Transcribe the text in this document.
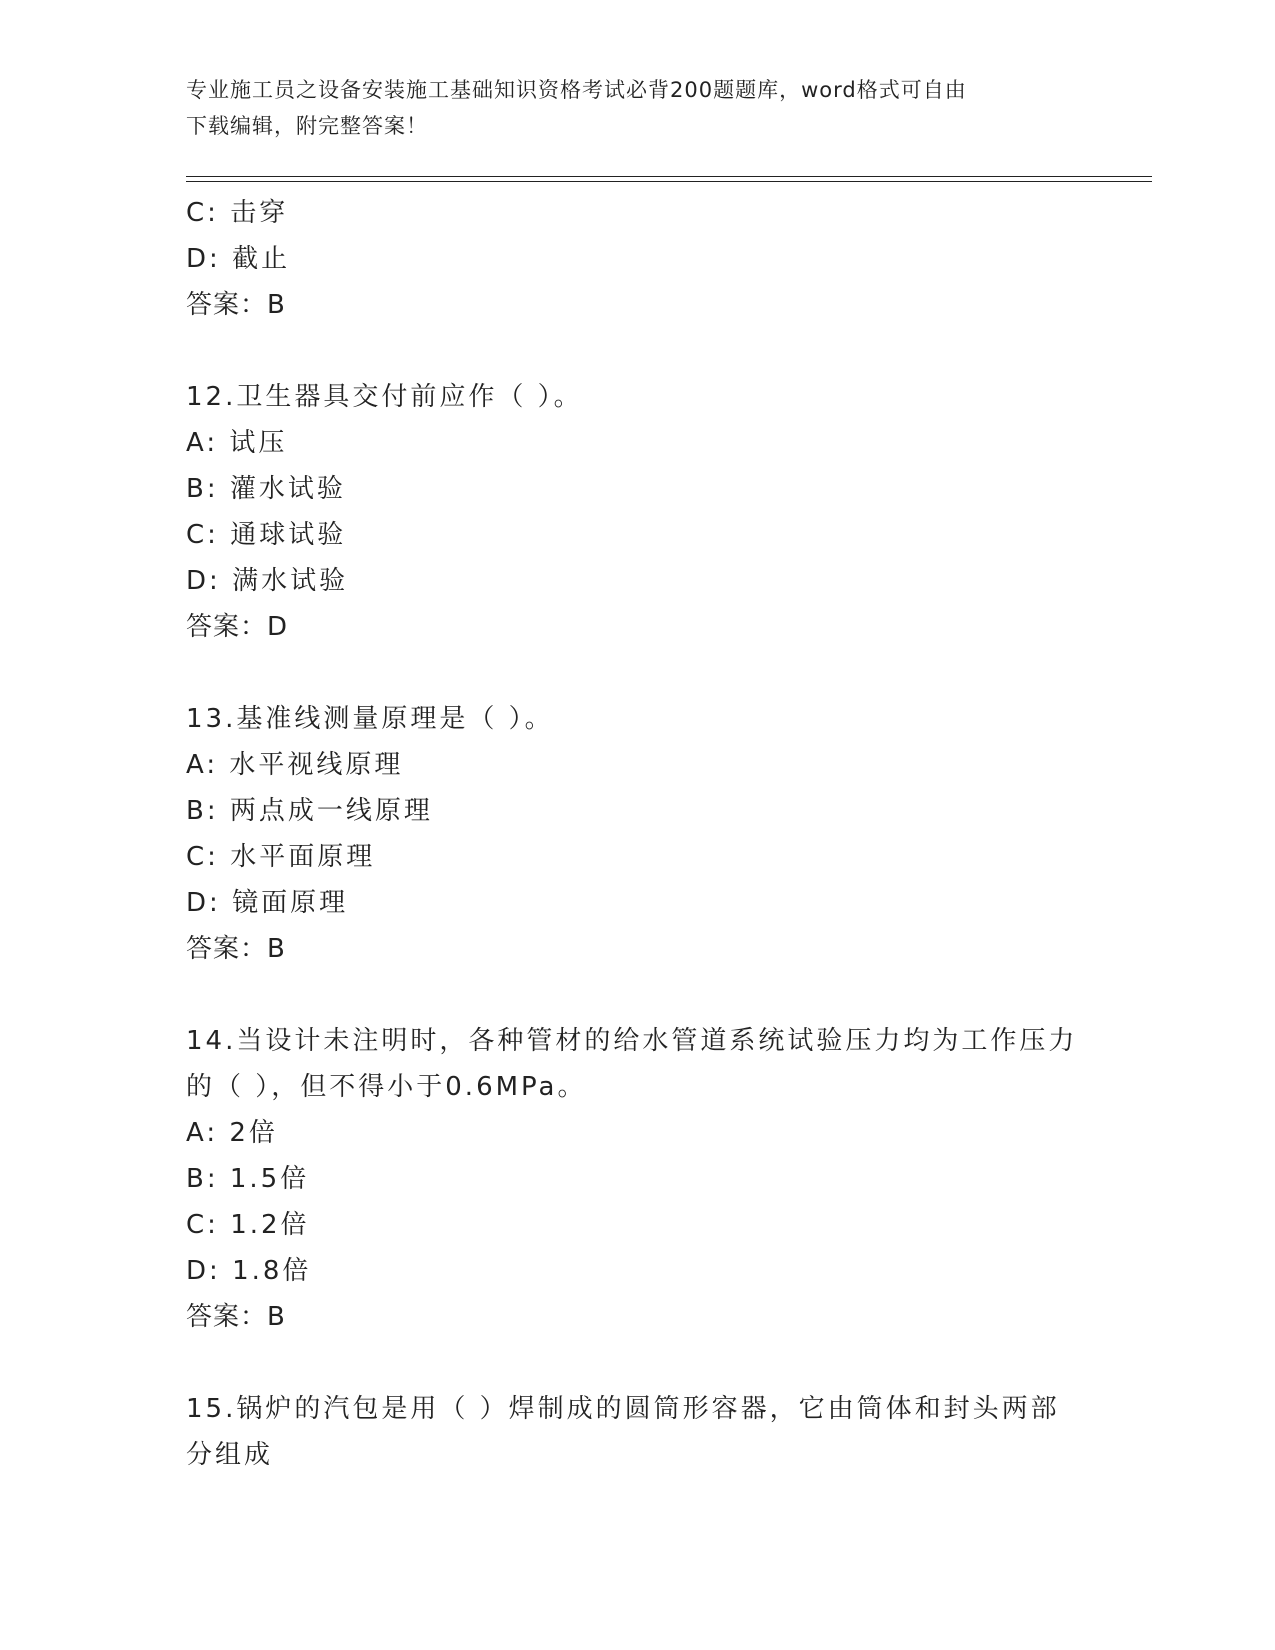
专业施工员之设备安装施工基础知识资格考试必背200题题库，word格式可自由
下载编辑，附完整答案！
C: 击穿
D: 截止
答案：B
12.卫生器具交付前应作（ ）。
A: 试压
B: 灌水试验
C: 通球试验
D: 满水试验
答案：D
13.基准线测量原理是（ ）。
A: 水平视线原理
B: 两点成一线原理
C: 水平面原理
D: 镜面原理
答案：B
14.当设计未注明时，各种管材的给水管道系统试验压力均为工作压力
的（ ），但不得小于0.6MPa。
A: 2倍
B: 1.5倍
C: 1.2倍
D: 1.8倍
答案：B
15.锅炉的汽包是用（ ）焊制成的圆筒形容器，它由筒体和封头两部
分组成
